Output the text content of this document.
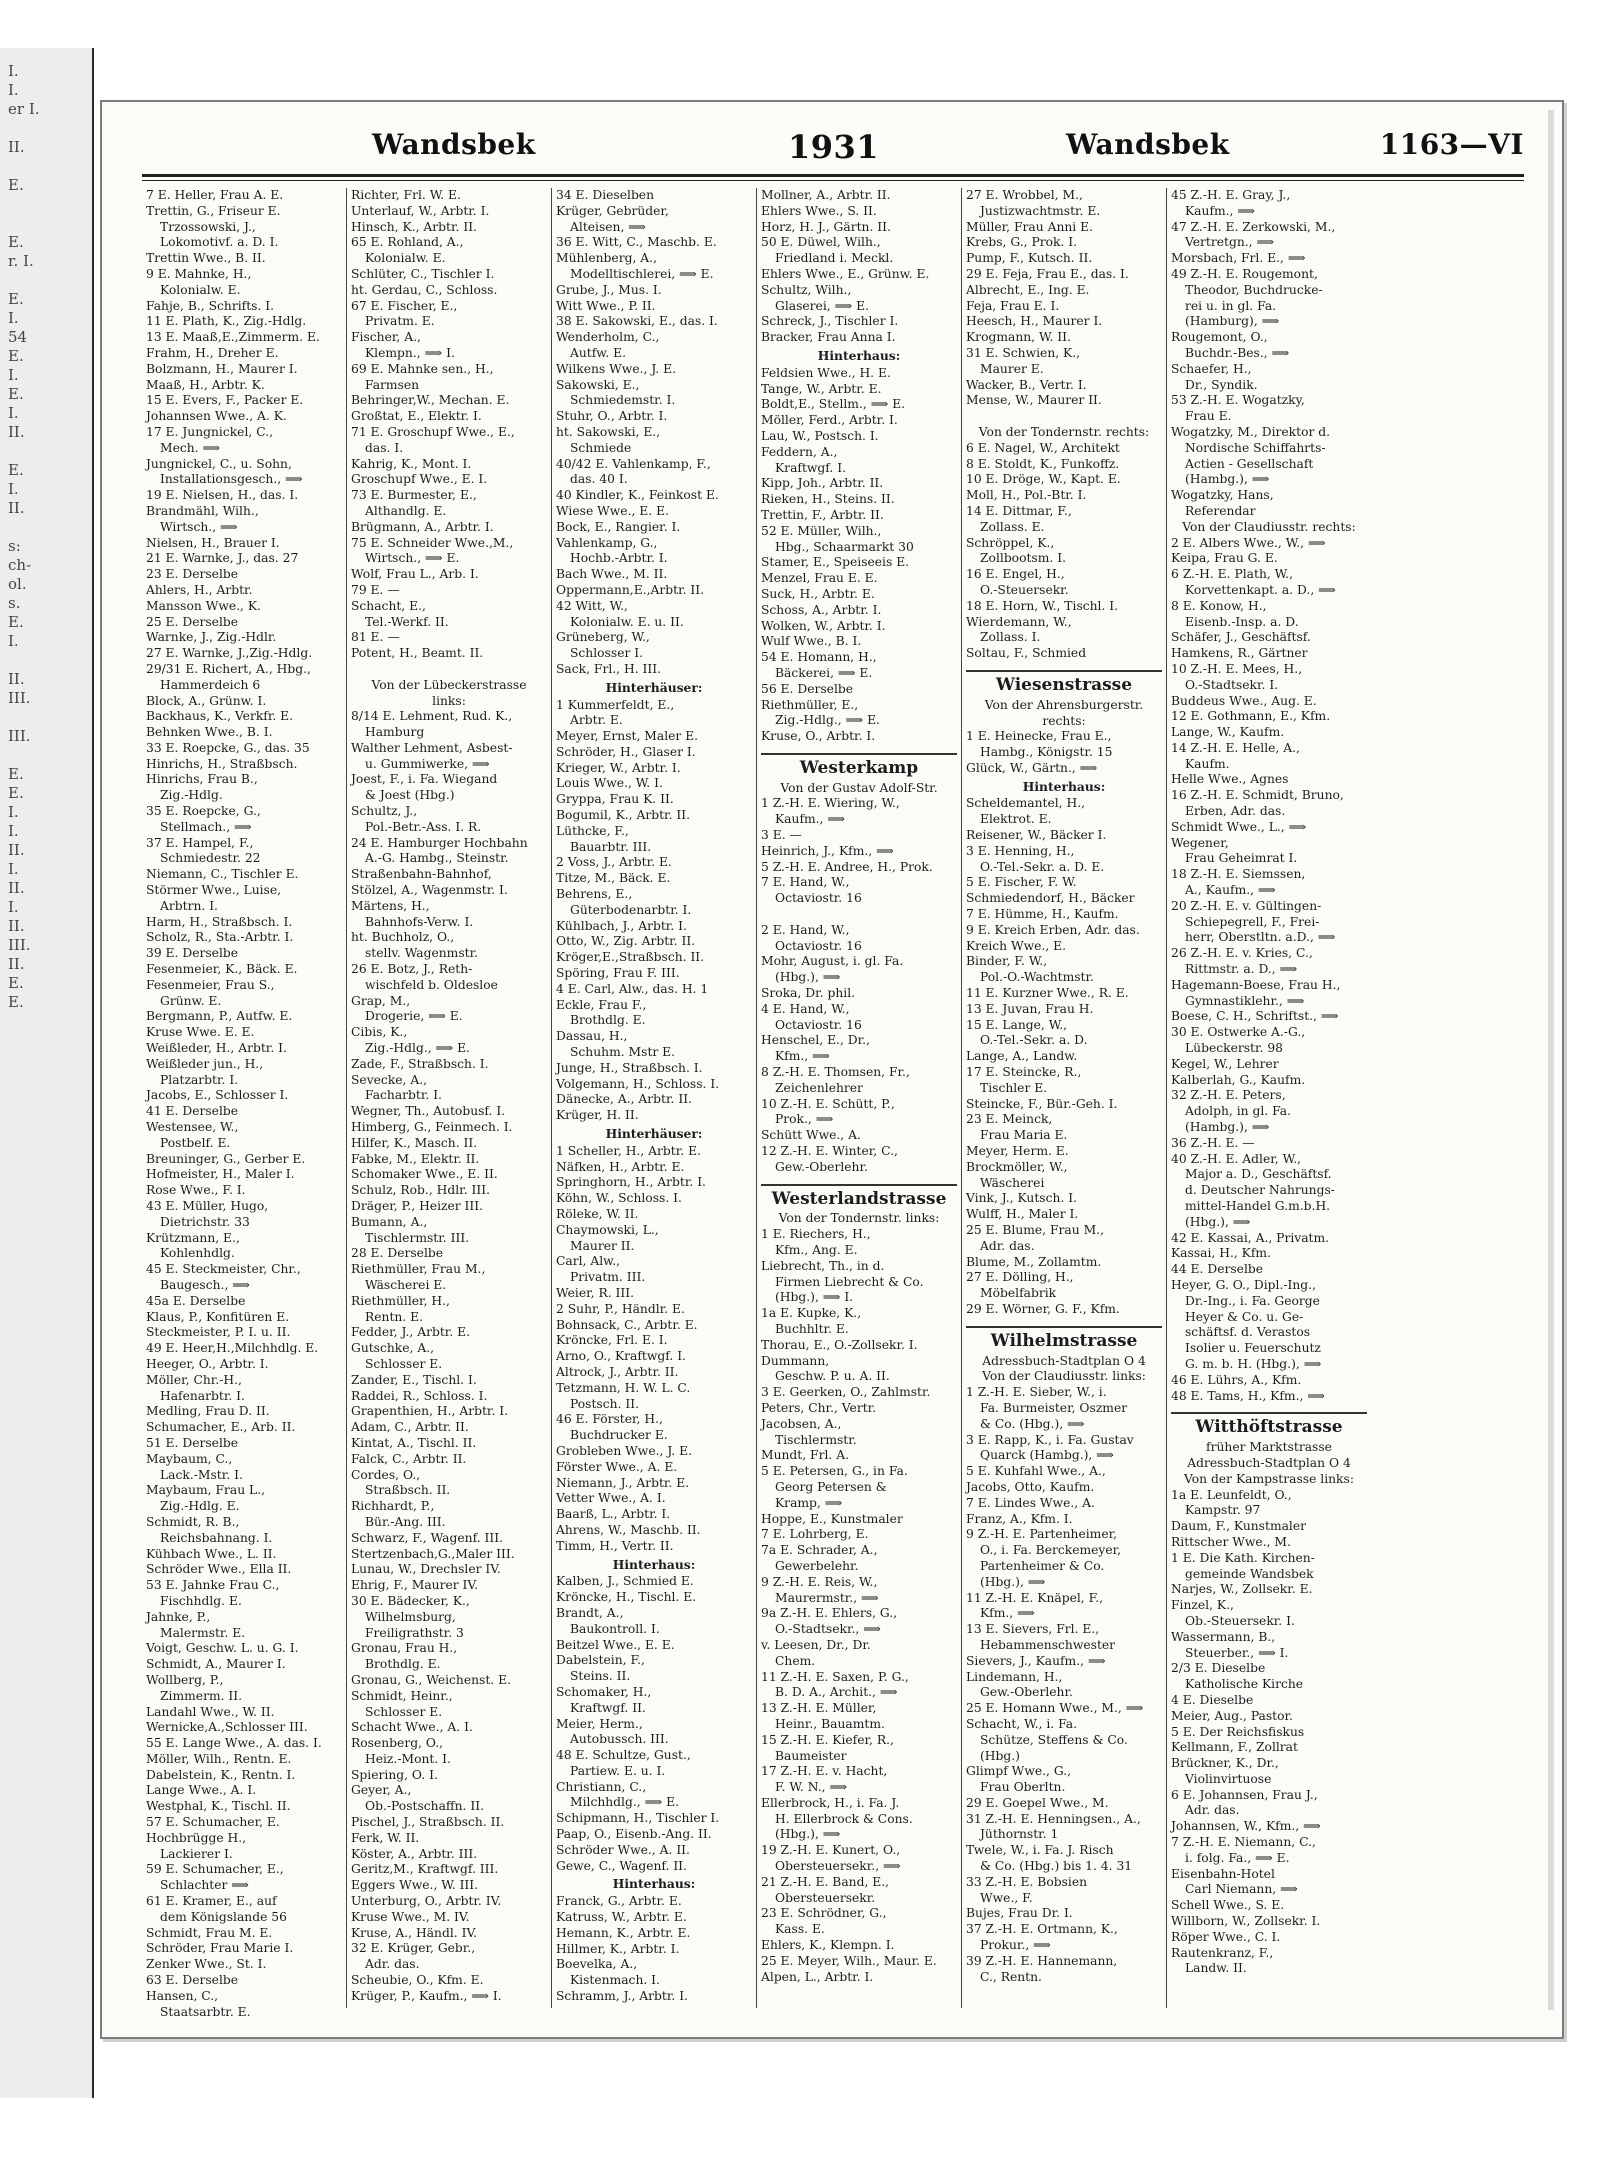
I.
I.
er I.

II.

E.

E.
r. I.

E.
I.
54
E.
I.
E.
I.
II.

E.
I.
II.

s:
ch-
ol.
s.
E.
I.

II.
III.

III.

E.
E.
I.
I.
II.
I.
II.
I.
II.
III.
II.
E.
E.
Wandsbek	1931	Wandsbek	1163—VI
7 E. Heller, Frau A. E.
Trettin, G., Friseur E.
Trzossowski, J.,
Lokomotivf. a. D. I.
Trettin Wwe., B. II.
9 E. Mahnke, H.,
Kolonialw. E.
Fahje, B., Schrifts. I.
11 E. Plath, K., Zig.-Hdlg.
13 E. Maaß,E.,Zimmerm. E.
Frahm, H., Dreher E.
Bolzmann, H., Maurer I.
Maaß, H., Arbtr. K.
15 E. Evers, F., Packer E.
Johannsen Wwe., A. K.
17 E. Jungnickel, C.,
Mech. ⟹
Jungnickel, C., u. Sohn,
Installationsgesch., ⟹
19 E. Nielsen, H., das. I.
Brandmähl, Wilh.,
Wirtsch., ⟹
Nielsen, H., Brauer I.
21 E. Warnke, J., das. 27
23 E. Derselbe
Ahlers, H., Arbtr.
Mansson Wwe., K.
25 E. Derselbe
Warnke, J., Zig.-Hdlr.
27 E. Warnke, J.,Zig.-Hdlg.
29/31 E. Richert, A., Hbg.,
Hammerdeich 6
Block, A., Grünw. I.
Backhaus, K., Verkfr. E.
Behnken Wwe., B. I.
33 E. Roepcke, G., das. 35
Hinrichs, H., Straßbsch.
Hinrichs, Frau B.,
Zig.-Hdlg.
35 E. Roepcke, G.,
Stellmach., ⟹
37 E. Hampel, F.,
Schmiedestr. 22
Niemann, C., Tischler E.
Störmer Wwe., Luise,
Arbtrn. I.
Harm, H., Straßbsch. I.
Scholz, R., Sta.-Arbtr. I.
39 E. Derselbe
Fesenmeier, K., Bäck. E.
Fesenmeier, Frau S.,
Grünw. E.
Bergmann, P., Autfw. E.
Kruse Wwe. E. E.
Weißleder, H., Arbtr. I.
Weißleder jun., H.,
Platzarbtr. I.
Jacobs, E., Schlosser I.
41 E. Derselbe
Westensee, W.,
Postbelf. E.
Breuninger, G., Gerber E.
Hofmeister, H., Maler I.
Rose Wwe., F. I.
43 E. Müller, Hugo,
Dietrichstr. 33
Krützmann, E.,
Kohlenhdlg.
45 E. Steckmeister, Chr.,
Baugesch., ⟹
45a E. Derselbe
Klaus, P., Konfitüren E.
Steckmeister, P. I. u. II.
49 E. Heer,H.,Milchhdlg. E.
Heeger, O., Arbtr. I.
Möller, Chr.-H.,
Hafenarbtr. I.
Medling, Frau D. II.
Schumacher, E., Arb. II.
51 E. Derselbe
Maybaum, C.,
Lack.-Mstr. I.
Maybaum, Frau L.,
Zig.-Hdlg. E.
Schmidt, R. B.,
Reichsbahnang. I.
Kühbach Wwe., L. II.
Schröder Wwe., Ella II.
53 E. Jahnke Frau C.,
Fischhdlg. E.
Jahnke, P.,
Malermstr. E.
Voigt, Geschw. L. u. G. I.
Schmidt, A., Maurer I.
Wollberg, P.,
Zimmerm. II.
Landahl Wwe., W. II.
Wernicke,A.,Schlosser III.
55 E. Lange Wwe., A. das. I.
Möller, Wilh., Rentn. E.
Dabelstein, K., Rentn. I.
Lange Wwe., A. I.
Westphal, K., Tischl. II.
57 E. Schumacher, E.
Hochbrügge H.,
Lackierer I.
59 E. Schumacher, E.,
Schlachter ⟹
61 E. Kramer, E., auf
dem Königslande 56
Schmidt, Frau M. E.
Schröder, Frau Marie I.
Zenker Wwe., St. I.
63 E. Derselbe
Hansen, C.,
Staatsarbtr. E.
Richter, Frl. W. E.
Unterlauf, W., Arbtr. I.
Hinsch, K., Arbtr. II.
65 E. Rohland, A.,
Kolonialw. E.
Schlüter, C., Tischler I.
ht. Gerdau, C., Schloss.
67 E. Fischer, E.,
Privatm. E.
Fischer, A.,
Klempn., ⟹ I.
69 E. Mahnke sen., H.,
Farmsen
Behringer,W., Mechan. E.
Großtat, E., Elektr. I.
71 E. Groschupf Wwe., E.,
das. I.
Kahrig, K., Mont. I.
Groschupf Wwe., E. I.
73 E. Burmester, E.,
Althandlg. E.
Brügmann, A., Arbtr. I.
75 E. Schneider Wwe.,M.,
Wirtsch., ⟹ E.
Wolf, Frau L., Arb. I.
79 E. —
Schacht, E.,
Tel.-Werkf. II.
81 E. —
Potent, H., Beamt. II.

Von der Lübeckerstrasse
links:
8/14 E. Lehment, Rud. K.,
Hamburg
Walther Lehment, Asbest-
u. Gummiwerke, ⟹
Joest, F., i. Fa. Wiegand
& Joest (Hbg.)
Schultz, J.,
Pol.-Betr.-Ass. I. R.
24 E. Hamburger Hochbahn
A.-G. Hambg., Steinstr.
Straßenbahn-Bahnhof,
Stölzel, A., Wagenmstr. I.
Märtens, H.,
Bahnhofs-Verw. I.
ht. Buchholz, O.,
stellv. Wagenmstr.
26 E. Botz, J., Reth-
wischfeld b. Oldesloe
Grap, M.,
Drogerie, ⟹ E.
Cibis, K.,
Zig.-Hdlg., ⟹ E.
Zade, F., Straßbsch. I.
Sevecke, A.,
Facharbtr. I.
Wegner, Th., Autobusf. I.
Himberg, G., Feinmech. I.
Hilfer, K., Masch. II.
Fabke, M., Elektr. II.
Schomaker Wwe., E. II.
Schulz, Rob., Hdlr. III.
Dräger, P., Heizer III.
Bumann, A.,
Tischlermstr. III.
28 E. Derselbe
Riethmüller, Frau M.,
Wäscherei E.
Riethmüller, H.,
Rentn. E.
Fedder, J., Arbtr. E.
Gutschke, A.,
Schlosser E.
Zander, E., Tischl. I.
Raddei, R., Schloss. I.
Grapenthien, H., Arbtr. I.
Adam, C., Arbtr. II.
Kintat, A., Tischl. II.
Falck, C., Arbtr. II.
Cordes, O.,
Straßbsch. II.
Richhardt, P.,
Bür.-Ang. III.
Schwarz, F., Wagenf. III.
Stertzenbach,G.,Maler III.
Lunau, W., Drechsler IV.
Ehrig, F., Maurer IV.
30 E. Bädecker, K.,
Wilhelmsburg,
Freiligrathstr. 3
Gronau, Frau H.,
Brothdlg. E.
Gronau, G., Weichenst. E.
Schmidt, Heinr.,
Schlosser E.
Schacht Wwe., A. I.
Rosenberg, O.,
Heiz.-Mont. I.
Spiering, O. I.
Geyer, A.,
Ob.-Postschaffn. II.
Pischel, J., Straßbsch. II.
Ferk, W. II.
Köster, A., Arbtr. III.
Geritz,M., Kraftwgf. III.
Eggers Wwe., W. III.
Unterburg, O., Arbtr. IV.
Kruse Wwe., M. IV.
Kruse, A., Händl. IV.
32 E. Krüger, Gebr.,
Adr. das.
Scheubie, O., Kfm. E.
Krüger, P., Kaufm., ⟹ I.
34 E. Dieselben
Krüger, Gebrüder,
Alteisen, ⟹
36 E. Witt, C., Maschb. E.
Mühlenberg, A.,
Modelltischlerei, ⟹ E.
Grube, J., Mus. I.
Witt Wwe., P. II.
38 E. Sakowski, E., das. I.
Wenderholm, C.,
Autfw. E.
Wilkens Wwe., J. E.
Sakowski, E.,
Schmiedemstr. I.
Stuhr, O., Arbtr. I.
ht. Sakowski, E.,
Schmiede
40/42 E. Vahlenkamp, F.,
das. 40 I.
40 Kindler, K., Feinkost E.
Wiese Wwe., E. E.
Bock, E., Rangier. I.
Vahlenkamp, G.,
Hochb.-Arbtr. I.
Bach Wwe., M. II.
Oppermann,E.,Arbtr. II.
42 Witt, W.,
Kolonialw. E. u. II.
Grüneberg, W.,
Schlosser I.
Sack, Frl., H. III.
Hinterhäuser:
1 Kummerfeldt, E.,
Arbtr. E.
Meyer, Ernst, Maler E.
Schröder, H., Glaser I.
Krieger, W., Arbtr. I.
Louis Wwe., W. I.
Gryppa, Frau K. II.
Bogumil, K., Arbtr. II.
Lüthcke, F.,
Bauarbtr. III.
2 Voss, J., Arbtr. E.
Titze, M., Bäck. E.
Behrens, E.,
Güterbodenarbtr. I.
Kühlbach, J., Arbtr. I.
Otto, W., Zig. Arbtr. II.
Kröger,E.,Straßbsch. II.
Spöring, Frau F. III.
4 E. Carl, Alw., das. H. 1
Eckle, Frau F.,
Brothdlg. E.
Dassau, H.,
Schuhm. Mstr E.
Junge, H., Straßbsch. I.
Volgemann, H., Schloss. I.
Dänecke, A., Arbtr. II.
Krüger, H. II.
Hinterhäuser:
1 Scheller, H., Arbtr. E.
Näfken, H., Arbtr. E.
Springhorn, H., Arbtr. I.
Köhn, W., Schloss. I.
Röleke, W. II.
Chaymowski, L.,
Maurer II.
Carl, Alw.,
Privatm. III.
Weier, R. III.
2 Suhr, P., Händlr. E.
Bohnsack, C., Arbtr. E.
Kröncke, Frl. E. I.
Arno, O., Kraftwgf. I.
Altrock, J., Arbtr. II.
Tetzmann, H. W. L. C.
Postsch. II.
46 E. Förster, H.,
Buchdrucker E.
Grobleben Wwe., J. E.
Förster Wwe., A. E.
Niemann, J., Arbtr. E.
Vetter Wwe., A. I.
Baarß, L., Arbtr. I.
Ahrens, W., Maschb. II.
Timm, H., Vertr. II.
Hinterhaus:
Kalben, J., Schmied E.
Kröncke, H., Tischl. E.
Brandt, A.,
Baukontroll. I.
Beitzel Wwe., E. E.
Dabelstein, F.,
Steins. II.
Schomaker, H.,
Kraftwgf. II.
Meier, Herm.,
Autobussch. III.
48 E. Schultze, Gust.,
Partiew. E. u. I.
Christiann, C.,
Milchhdlg., ⟹ E.
Schipmann, H., Tischler I.
Paap, O., Eisenb.-Ang. II.
Schröder Wwe., A. II.
Gewe, C., Wagenf. II.
Hinterhaus:
Franck, G., Arbtr. E.
Katruss, W., Arbtr. E.
Hemann, K., Arbtr. E.
Hillmer, K., Arbtr. I.
Boevelka, A.,
Kistenmach. I.
Schramm, J., Arbtr. I.
Mollner, A., Arbtr. II.
Ehlers Wwe., S. II.
Horz, H. J., Gärtn. II.
50 E. Düwel, Wilh.,
Friedland i. Meckl.
Ehlers Wwe., E., Grünw. E.
Schultz, Wilh.,
Glaserei, ⟹ E.
Schreck, J., Tischler I.
Bracker, Frau Anna I.
Hinterhaus:
Feldsien Wwe., H. E.
Tange, W., Arbtr. E.
Boldt,E., Stellm., ⟹ E.
Möller, Ferd., Arbtr. I.
Lau, W., Postsch. I.
Feddern, A.,
Kraftwgf. I.
Kipp, Joh., Arbtr. II.
Rieken, H., Steins. II.
Trettin, F., Arbtr. II.
52 E. Müller, Wilh.,
Hbg., Schaarmarkt 30
Stamer, E., Speiseeis E.
Menzel, Frau E. E.
Suck, H., Arbtr. E.
Schoss, A., Arbtr. I.
Wolken, W., Arbtr. I.
Wulf Wwe., B. I.
54 E. Homann, H.,
Bäckerei, ⟹ E.
56 E. Derselbe
Riethmüller, E.,
Zig.-Hdlg., ⟹ E.
Kruse, O., Arbtr. I.
Westerkamp
Von der Gustav Adolf-Str.
1 Z.-H. E. Wiering, W.,
Kaufm., ⟹
3 E. —
Heinrich, J., Kfm., ⟹
5 Z.-H. E. Andree, H., Prok.
7 E. Hand, W.,
Octaviostr. 16

2 E. Hand, W.,
Octaviostr. 16
Mohr, August, i. gl. Fa.
(Hbg.), ⟹
Sroka, Dr. phil.
4 E. Hand, W.,
Octaviostr. 16
Henschel, E., Dr.,
Kfm., ⟹
8 Z.-H. E. Thomsen, Fr.,
Zeichenlehrer
10 Z.-H. E. Schütt, P.,
Prok., ⟹
Schütt Wwe., A.
12 Z.-H. E. Winter, C.,
Gew.-Oberlehr.
Westerlandstrasse
Von der Tondernstr. links:
1 E. Riechers, H.,
Kfm., Ang. E.
Liebrecht, Th., in d.
Firmen Liebrecht & Co.
(Hbg.), ⟹ I.
1a E. Kupke, K.,
Buchhltr. E.
Thorau, E., O.-Zollsekr. I.
Dummann,
Geschw. P. u. A. II.
3 E. Geerken, O., Zahlmstr.
Peters, Chr., Vertr.
Jacobsen, A.,
Tischlermstr.
Mundt, Frl. A.
5 E. Petersen, G., in Fa.
Georg Petersen &
Kramp, ⟹
Hoppe, E., Kunstmaler
7 E. Lohrberg, E.
7a E. Schrader, A.,
Gewerbelehr.
9 Z.-H. E. Reis, W.,
Maurermstr., ⟹
9a Z.-H. E. Ehlers, G.,
O.-Stadtsekr., ⟹
v. Leesen, Dr., Dr.
Chem.
11 Z.-H. E. Saxen, P. G.,
B. D. A., Archit., ⟹
13 Z.-H. E. Müller,
Heinr., Bauamtm.
15 Z.-H. E. Kiefer, R.,
Baumeister
17 Z.-H. E. v. Hacht,
F. W. N., ⟹
Ellerbrock, H., i. Fa. J.
H. Ellerbrock & Cons.
(Hbg.), ⟹
19 Z.-H. E. Kunert, O.,
Obersteuersekr., ⟹
21 Z.-H. E. Band, E.,
Obersteuersekr.
23 E. Schrödner, G.,
Kass. E.
Ehlers, K., Klempn. I.
25 E. Meyer, Wilh., Maur. E.
Alpen, L., Arbtr. I.
27 E. Wrobbel, M.,
Justizwachtmstr. E.
Müller, Frau Anni E.
Krebs, G., Prok. I.
Pump, F., Kutsch. II.
29 E. Feja, Frau E., das. I.
Albrecht, E., Ing. E.
Feja, Frau E. I.
Heesch, H., Maurer I.
Krogmann, W. II.
31 E. Schwien, K.,
Maurer E.
Wacker, B., Vertr. I.
Mense, W., Maurer II.

Von der Tondernstr. rechts:
6 E. Nagel, W., Architekt
8 E. Stoldt, K., Funkoffz.
10 E. Dröge, W., Kapt. E.
Moll, H., Pol.-Btr. I.
14 E. Dittmar, F.,
Zollass. E.
Schröppel, K.,
Zollbootsm. I.
16 E. Engel, H.,
O.-Steuersekr.
18 E. Horn, W., Tischl. I.
Wierdemann, W.,
Zollass. I.
Soltau, F., Schmied
Wiesenstrasse
Von der Ahrensburgerstr.
rechts:
1 E. Heinecke, Frau E.,
Hambg., Königstr. 15
Glück, W., Gärtn., ⟹
Hinterhaus:
Scheldemantel, H.,
Elektrot. E.
Reisener, W., Bäcker I.
3 E. Henning, H.,
O.-Tel.-Sekr. a. D. E.
5 E. Fischer, F. W.
Schmiedendorf, H., Bäcker
7 E. Hümme, H., Kaufm.
9 E. Kreich Erben, Adr. das.
Kreich Wwe., E.
Binder, F. W.,
Pol.-O.-Wachtmstr.
11 E. Kurzner Wwe., R. E.
13 E. Juvan, Frau H.
15 E. Lange, W.,
O.-Tel.-Sekr. a. D.
Lange, A., Landw.
17 E. Steincke, R.,
Tischler E.
Steincke, F., Bür.-Geh. I.
23 E. Meinck,
Frau Maria E.
Meyer, Herm. E.
Brockmöller, W.,
Wäscherei
Vink, J., Kutsch. I.
Wulff, H., Maler I.
25 E. Blume, Frau M.,
Adr. das.
Blume, M., Zollamtm.
27 E. Dölling, H.,
Möbelfabrik
29 E. Wörner, G. F., Kfm.
Wilhelmstrasse
Adressbuch-Stadtplan O 4
Von der Claudiusstr. links:
1 Z.-H. E. Sieber, W., i.
Fa. Burmeister, Oszmer
& Co. (Hbg.), ⟹
3 E. Rapp, K., i. Fa. Gustav
Quarck (Hambg.), ⟹
5 E. Kuhfahl Wwe., A.,
Jacobs, Otto, Kaufm.
7 E. Lindes Wwe., A.
Franz, A., Kfm. I.
9 Z.-H. E. Partenheimer,
O., i. Fa. Berckemeyer,
Partenheimer & Co.
(Hbg.), ⟹
11 Z.-H. E. Knäpel, F.,
Kfm., ⟹
13 E. Sievers, Frl. E.,
Hebammenschwester
Sievers, J., Kaufm., ⟹
Lindemann, H.,
Gew.-Oberlehr.
25 E. Homann Wwe., M., ⟹
Schacht, W., i. Fa.
Schütze, Steffens & Co.
(Hbg.)
Glimpf Wwe., G.,
Frau Oberltn.
29 E. Goepel Wwe., M.
31 Z.-H. E. Henningsen., A.,
Jüthornstr. 1
Twele, W., i. Fa. J. Risch
& Co. (Hbg.) bis 1. 4. 31
33 Z.-H. E. Bobsien
Wwe., F.
Bujes, Frau Dr. I.
37 Z.-H. E. Ortmann, K.,
Prokur., ⟹
39 Z.-H. E. Hannemann,
C., Rentn.
45 Z.-H. E. Gray, J.,
Kaufm., ⟹
47 Z.-H. E. Zerkowski, M.,
Vertretgn., ⟹
Morsbach, Frl. E., ⟹
49 Z.-H. E. Rougemont,
Theodor, Buchdrucke-
rei u. in gl. Fa.
(Hamburg), ⟹
Rougemont, O.,
Buchdr.-Bes., ⟹
Schaefer, H.,
Dr., Syndik.
53 Z.-H. E. Wogatzky,
Frau E.
Wogatzky, M., Direktor d.
Nordische Schiffahrts-
Actien - Gesellschaft
(Hambg.), ⟹
Wogatzky, Hans,
Referendar
Von der Claudiusstr. rechts:
2 E. Albers Wwe., W., ⟹
Keipa, Frau G. E.
6 Z.-H. E. Plath, W.,
Korvettenkapt. a. D., ⟹
8 E. Konow, H.,
Eisenb.-Insp. a. D.
Schäfer, J., Geschäftsf.
Hamkens, R., Gärtner
10 Z.-H. E. Mees, H.,
O.-Stadtsekr. I.
Buddeus Wwe., Aug. E.
12 E. Gothmann, E., Kfm.
Lange, W., Kaufm.
14 Z.-H. E. Helle, A.,
Kaufm.
Helle Wwe., Agnes
16 Z.-H. E. Schmidt, Bruno,
Erben, Adr. das.
Schmidt Wwe., L., ⟹
Wegener,
Frau Geheimrat I.
18 Z.-H. E. Siemssen,
A., Kaufm., ⟹
20 Z.-H. E. v. Gültingen-
Schiepegrell, F., Frei-
herr, Oberstltn. a.D., ⟹
26 Z.-H. E. v. Kries, C.,
Rittmstr. a. D., ⟹
Hagemann-Boese, Frau H.,
Gymnastiklehr., ⟹
Boese, C. H., Schriftst., ⟹
30 E. Ostwerke A.-G.,
Lübeckerstr. 98
Kegel, W., Lehrer
Kalberlah, G., Kaufm.
32 Z.-H. E. Peters,
Adolph, in gl. Fa.
(Hambg.), ⟹
36 Z.-H. E. —
40 Z.-H. E. Adler, W.,
Major a. D., Geschäftsf.
d. Deutscher Nahrungs-
mittel-Handel G.m.b.H.
(Hbg.), ⟹
42 E. Kassai, A., Privatm.
Kassai, H., Kfm.
44 E. Derselbe
Heyer, G. O., Dipl.-Ing.,
Dr.-Ing., i. Fa. George
Heyer & Co. u. Ge-
schäftsf. d. Verastos
Isolier u. Feuerschutz
G. m. b. H. (Hbg.), ⟹
46 E. Lührs, A., Kfm.
48 E. Tams, H., Kfm., ⟹
Witthöftstrasse
früher Marktstrasse
Adressbuch-Stadtplan O 4
Von der Kampstrasse links:
1a E. Leunfeldt, O.,
Kampstr. 97
Daum, F., Kunstmaler
Rittscher Wwe., M.
1 E. Die Kath. Kirchen-
gemeinde Wandsbek
Narjes, W., Zollsekr. E.
Finzel, K.,
Ob.-Steuersekr. I.
Wassermann, B.,
Steuerber., ⟹ I.
2/3 E. Dieselbe
Katholische Kirche
4 E. Dieselbe
Meier, Aug., Pastor.
5 E. Der Reichsfiskus
Kellmann, F., Zollrat
Brückner, K., Dr.,
Violinvirtuose
6 E. Johannsen, Frau J.,
Adr. das.
Johannsen, W., Kfm., ⟹
7 Z.-H. E. Niemann, C.,
i. folg. Fa., ⟹ E.
Eisenbahn-Hotel
Carl Niemann, ⟹
Schell Wwe., S. E.
Willborn, W., Zollsekr. I.
Röper Wwe., C. I.
Rautenkranz, F.,
Landw. II.
